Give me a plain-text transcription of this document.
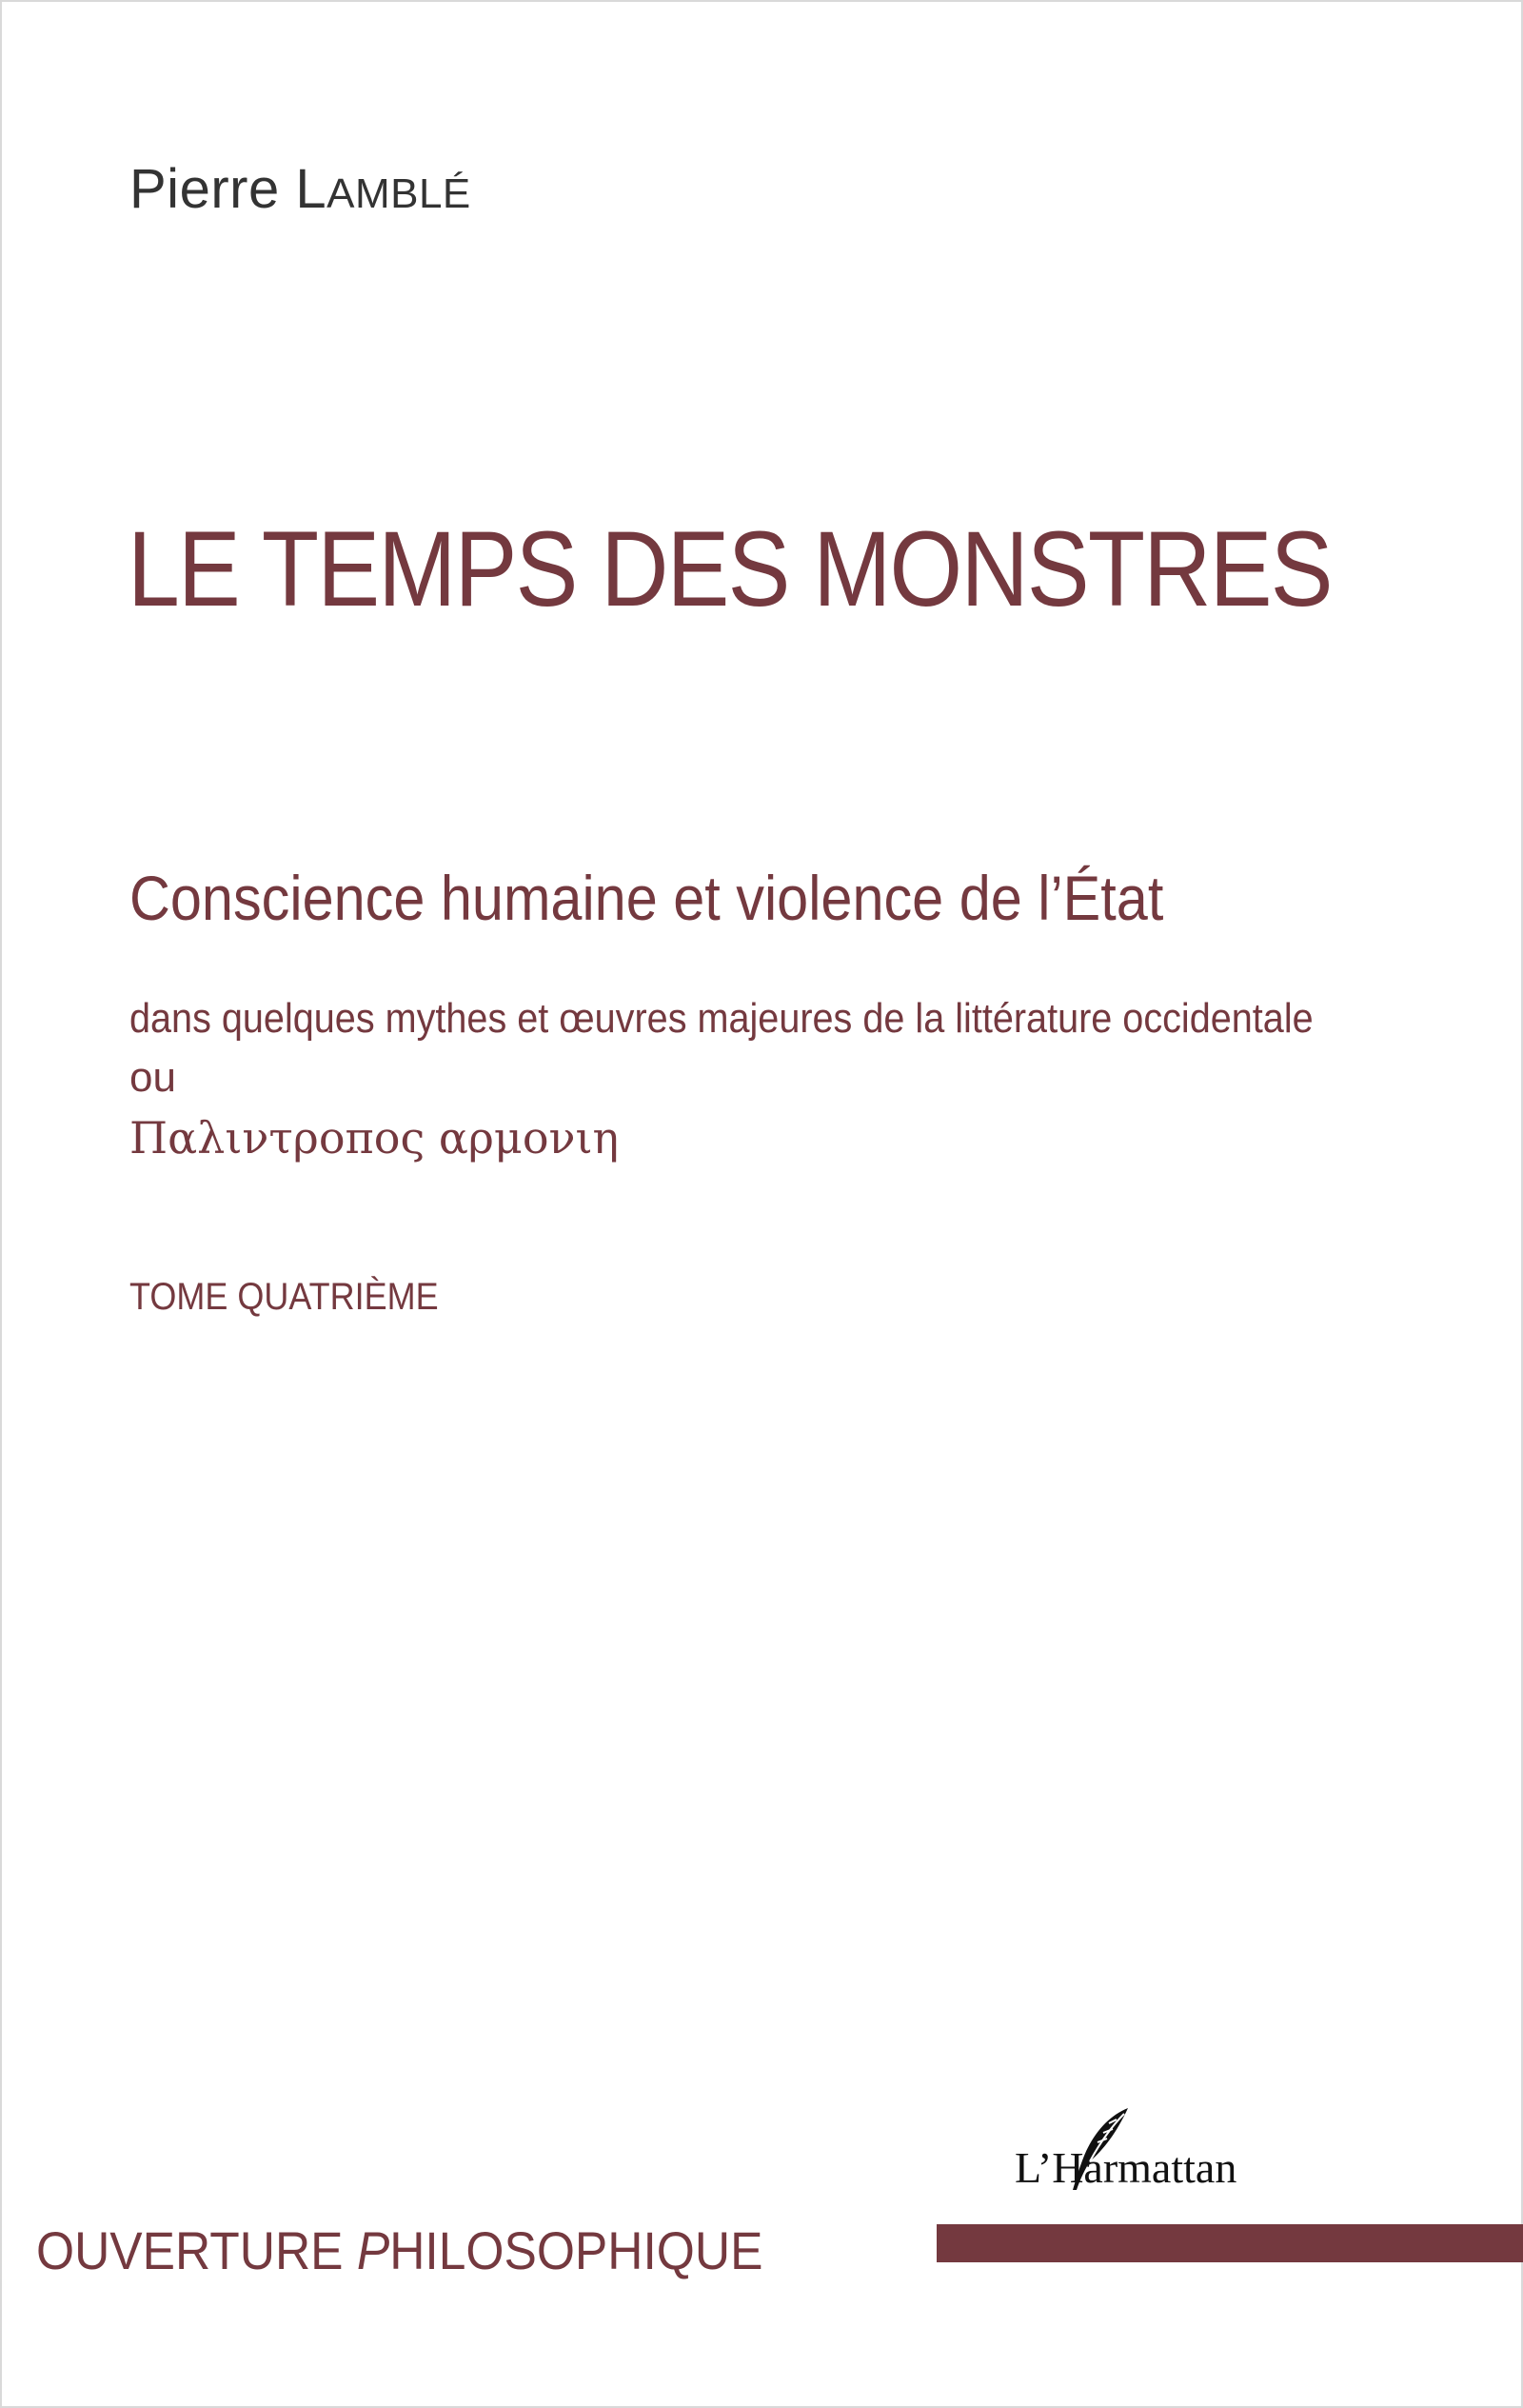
Pierre LAMBLÉ
LE TEMPS DES MONSTRES
Conscience humaine et violence de l’État
dans quelques mythes et œuvres majeures de la littérature occidentale
ou
Παλιντροπος αρμονιη
TOME QUATRIÈME
L’Harmattan
OUVERTURE PHILOSOPHIQUE
